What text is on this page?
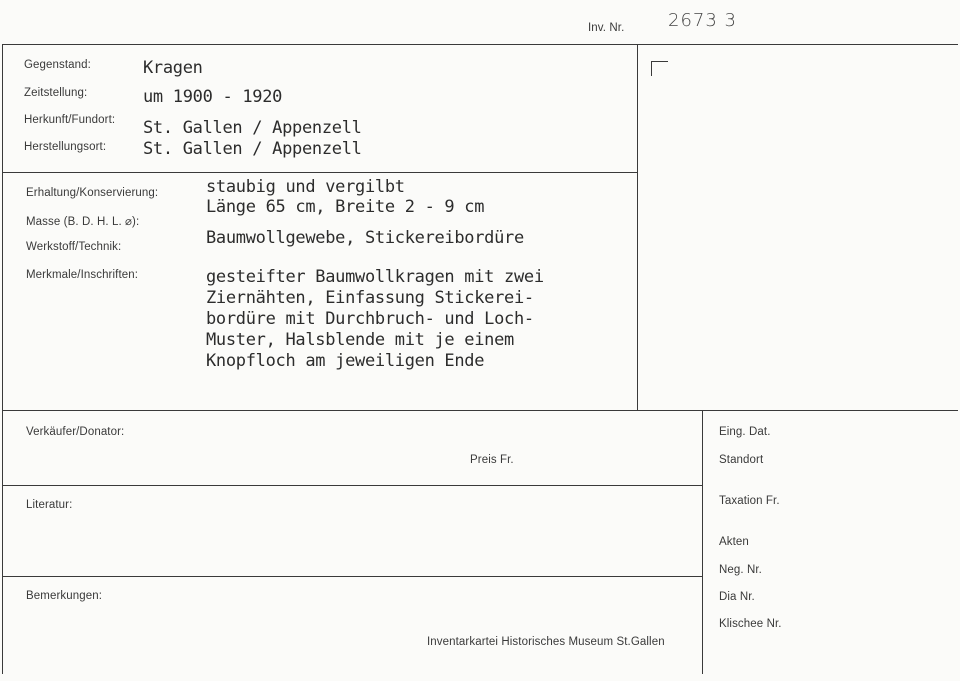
Inv. Nr. 2673 3
Gegenstand:	Kragen
Zeitstellung:	um 1900 - 1920
Herkunft/Fundort: St. Gallen / Appenzell
Herstellungsort: St. Gallen / Appenzell
Erhaltung/Konservierung:	staubig und vergilbt
Masse (B. D. H. L. ⌀):
Länge 65 cm, Breite 2 - 9 cm
Werkstoff/Technik:	Baumwollgewebe, Stickereibordüre
Merkmale/Inschriften:	gesteifter Baumwollkragen mit zwei
Ziernähten, Einfassung Stickerei-
bordüre mit Durchbruch- und Loch-
Muster, Halsblende mit je einem
Knopfloch am jeweiligen Ende
Verkäufer/Donator:
Preis Fr.
Literatur:
Bemerkungen:
Inventarkartei Historisches Museum St.Gallen
Eing. Dat.
Standort
Taxation Fr.
Akten
Neg. Nr.
Dia Nr.
Klischee Nr.
